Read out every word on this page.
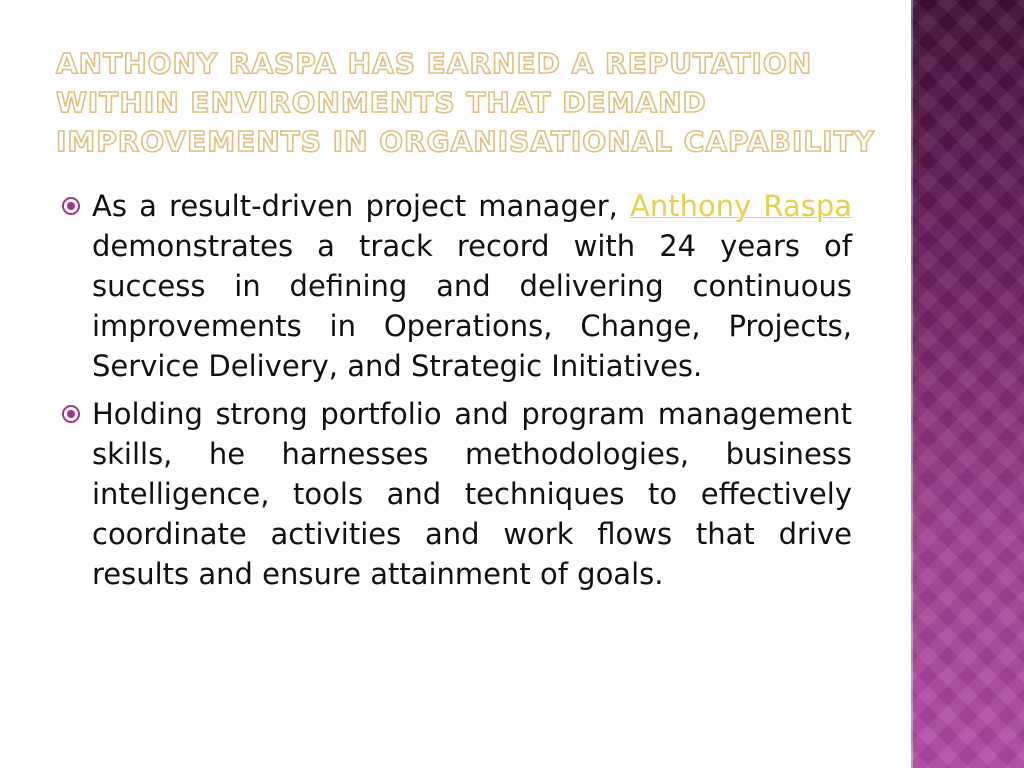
ANTHONY RASPA HAS EARNED A REPUTATION WITHIN ENVIRONMENTS THAT DEMAND IMPROVEMENTS IN ORGANISATIONAL CAPABILITY
As a result-driven project manager, Anthony Raspa demonstrates a track record with 24 years of success in defining and delivering continuous improvements in Operations, Change, Projects, Service Delivery, and Strategic Initiatives.
Holding strong portfolio and program management skills, he harnesses methodologies, business intelligence, tools and techniques to effectively coordinate activities and work flows that drive results and ensure attainment of goals.
